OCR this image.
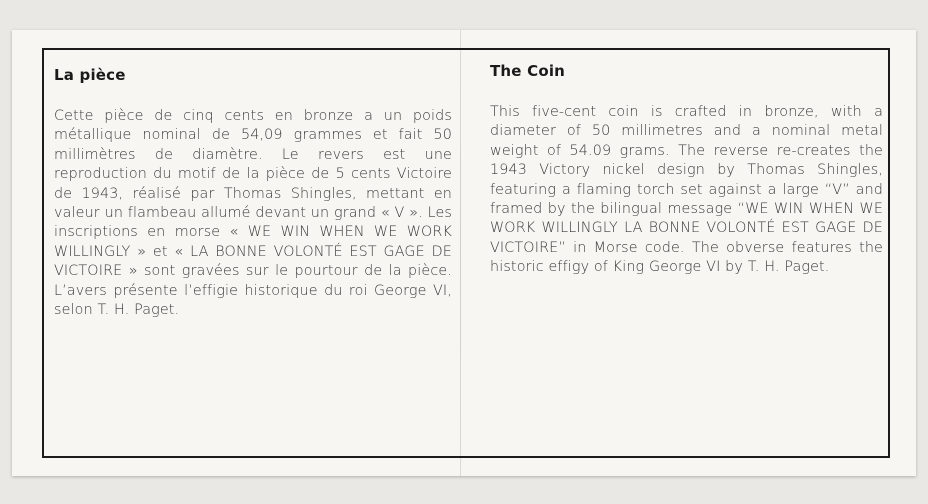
La pièce

Cette pièce de cinq cents en bronze a un poids métallique nominal de 54,09 grammes et fait 50 millimètres de diamètre. Le revers est une reproduction du motif de la pièce de 5 cents Victoire de 1943, réalisé par Thomas Shingles, mettant en valeur un flambeau allumé devant un grand « V ». Les inscriptions en morse « WE WIN WHEN WE WORK WILLINGLY » et « LA BONNE VOLONTÉ EST GAGE DE VICTOIRE » sont gravées sur le pourtour de la pièce. L’avers présente l’effigie historique du roi George VI, selon T. H. Paget.

The Coin

This five-cent coin is crafted in bronze, with a diameter of 50 millimetres and a nominal metal weight of 54.09 grams. The reverse re-creates the 1943 Victory nickel design by Thomas Shingles, featuring a flaming torch set against a large “V” and framed by the bilingual message “WE WIN WHEN WE WORK WILLINGLY LA BONNE VOLONTÉ EST GAGE DE VICTOIRE” in Morse code. The obverse features the historic effigy of King George VI by T. H. Paget.
